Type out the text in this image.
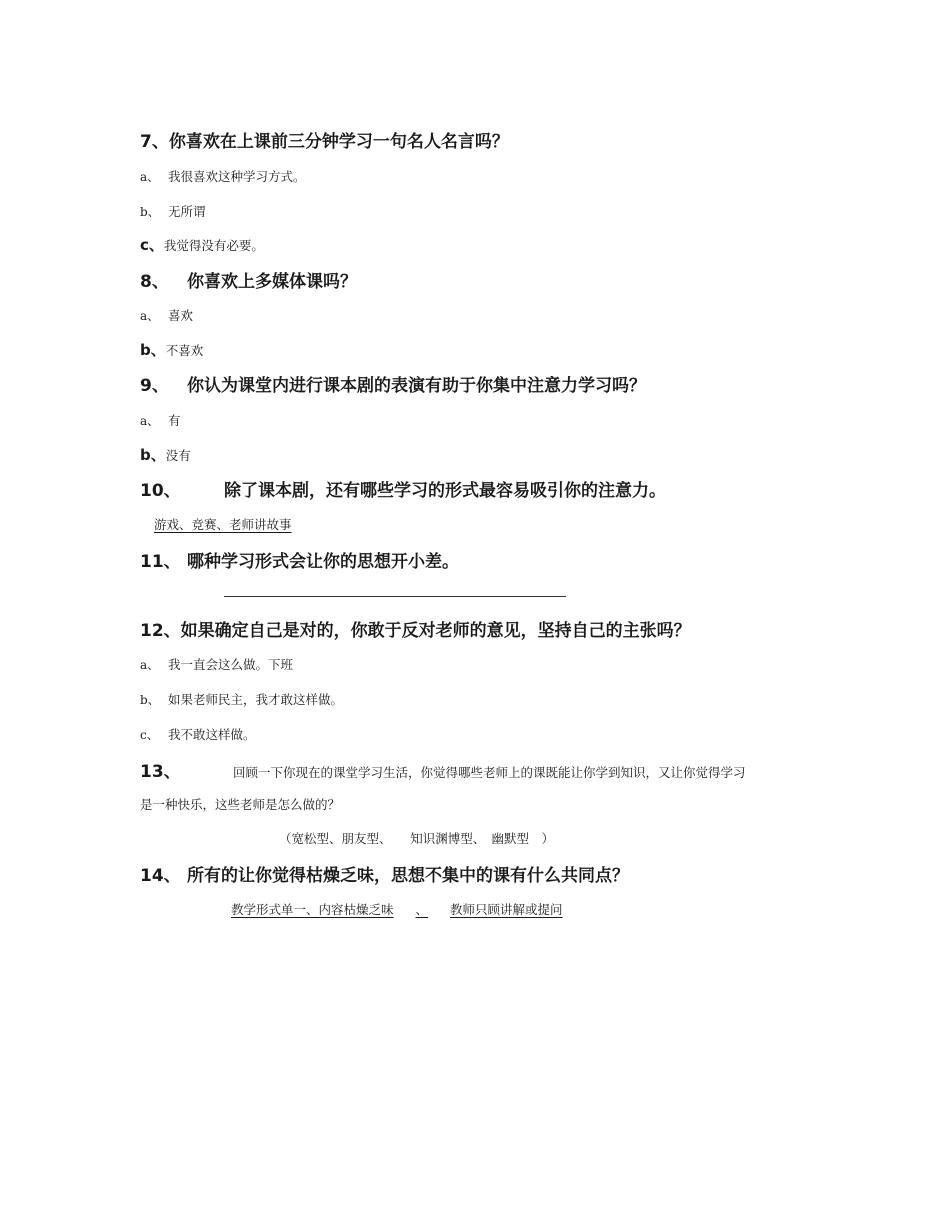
7、你喜欢在上课前三分钟学习一句名人名言吗？
a、 我很喜欢这种学习方式。
b、 无所谓
c、我觉得没有必要。
8、 你喜欢上多媒体课吗？
a、 喜欢
b、不喜欢
9、 你认为课堂内进行课本剧的表演有助于你集中注意力学习吗？
a、 有
b、没有
10、	除了课本剧，还有哪些学习的形式最容易吸引你的注意力。
游戏、竞赛、老师讲故事
11、 哪种学习形式会让你的思想开小差。
12、如果确定自己是对的，你敢于反对老师的意见，坚持自己的主张吗？
a、 我一直会这么做。下班
b、 如果老师民主，我才敢这样做。
c、 我不敢这样做。
13、	回顾一下你现在的课堂学习生活，你觉得哪些老师上的课既能让你学到知识，又让你觉得学习
是一种快乐，这些老师是怎么做的？
（宽松型、朋友型、　　知识渊博型、　幽默型　）
14、 所有的让你觉得枯燥乏味，思想不集中的课有什么共同点？
教学形式单一、内容枯燥乏味 、 教师只顾讲解或提问
